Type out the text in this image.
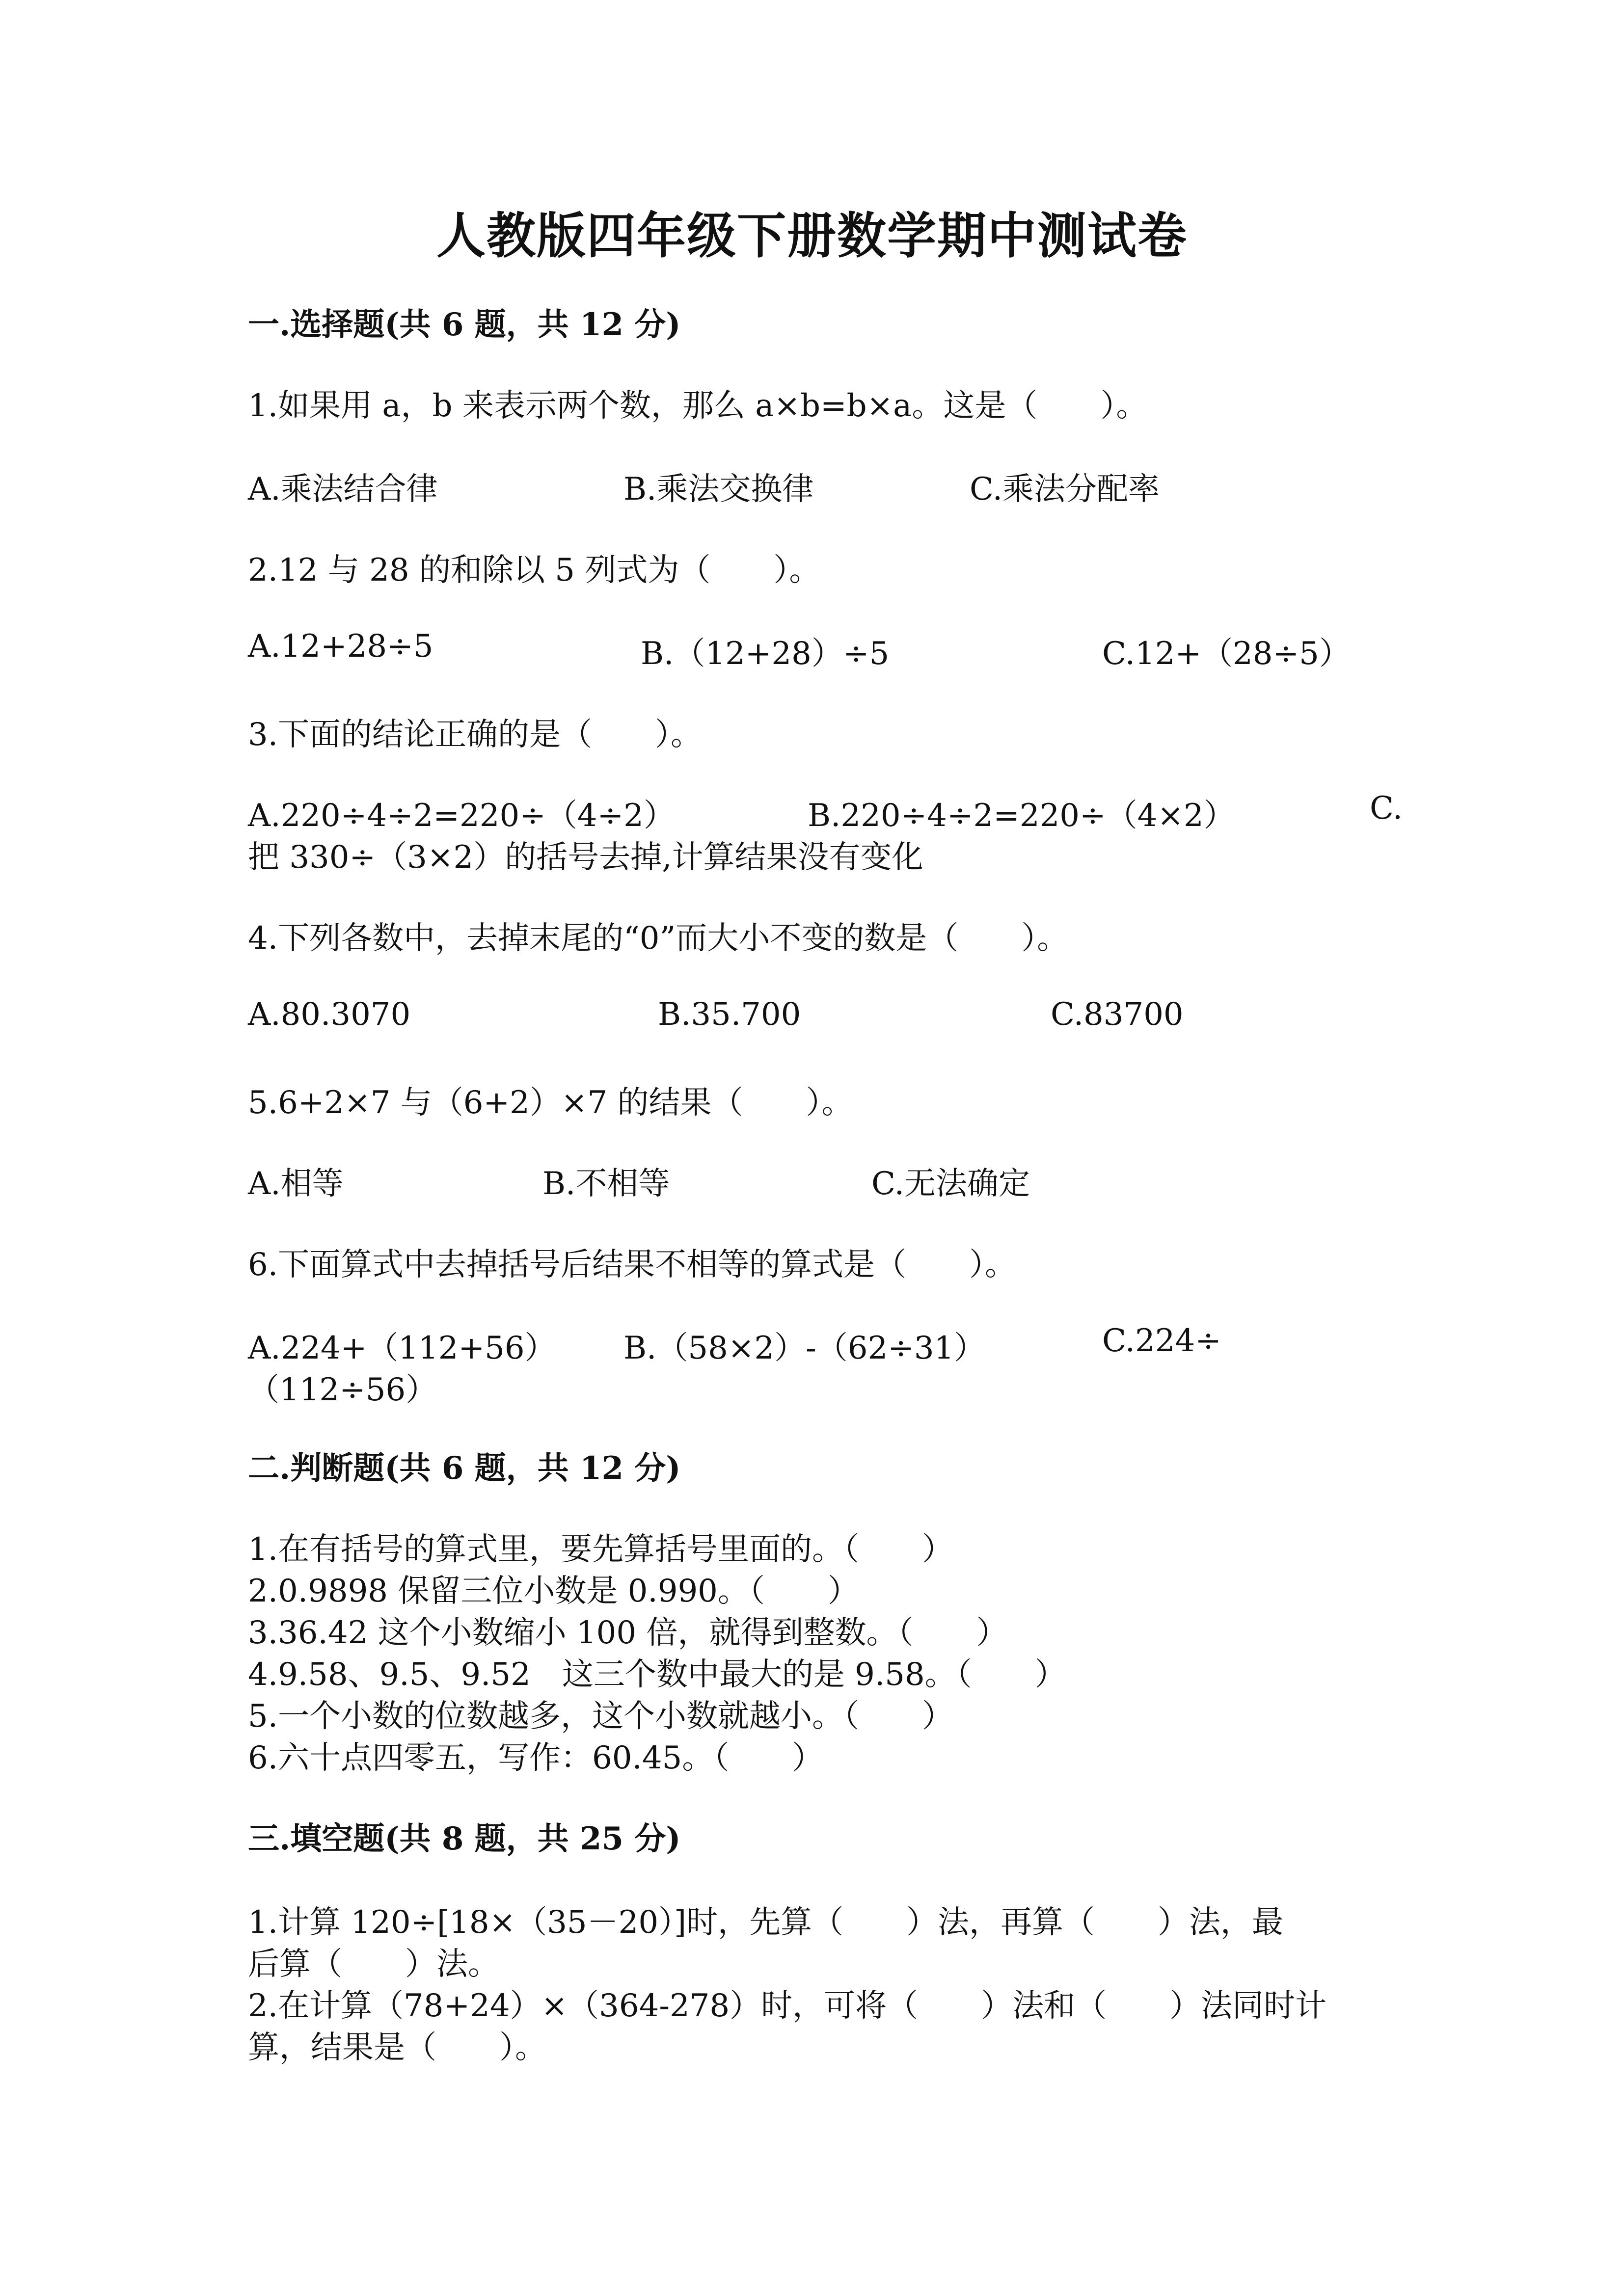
人教版四年级下册数学期中测试卷
一.选择题(共 6 题，共 12 分)
1.如果用 a，b 来表示两个数，那么 a×b=b×a。这是（　　）。
A.乘法结合律	B.乘法交换律	C.乘法分配率
2.12 与 28 的和除以 5 列式为（　　）。
A.12+28÷5	B.（12+28）÷5	C.12+（28÷5）
3.下面的结论正确的是（　　）。
A.220÷4÷2=220÷（4÷2）	B.220÷4÷2=220÷（4×2）	C.
把 330÷（3×2）的括号去掉,计算结果没有变化
4.下列各数中，去掉末尾的“0”而大小不变的数是（　　）。
A.80.3070	B.35.700	C.83700
5.6+2×7 与（6+2）×7 的结果（　　）。
A.相等	B.不相等	C.无法确定
6.下面算式中去掉括号后结果不相等的算式是（　　）。
A.224+（112+56） B.（58×2）-（62÷31）	C.224÷
（112÷56）
二.判断题(共 6 题，共 12 分)
1.在有括号的算式里，要先算括号里面的。（　　）
2.0.9898 保留三位小数是 0.990。（　　）
3.36.42 这个小数缩小 100 倍，就得到整数。（　　）
4.9.58、9.5、9.52　这三个数中最大的是 9.58。（　　）
5.一个小数的位数越多，这个小数就越小。（　　）
6.六十点四零五，写作：60.45。（　　）
三.填空题(共 8 题，共 25 分)
1.计算 120÷[18×（35－20）]时，先算（　　）法，再算（　　）法，最
后算（　　）法。
2.在计算（78+24）×（364-278）时，可将（　　）法和（　　）法同时计
算，结果是（　　）。
